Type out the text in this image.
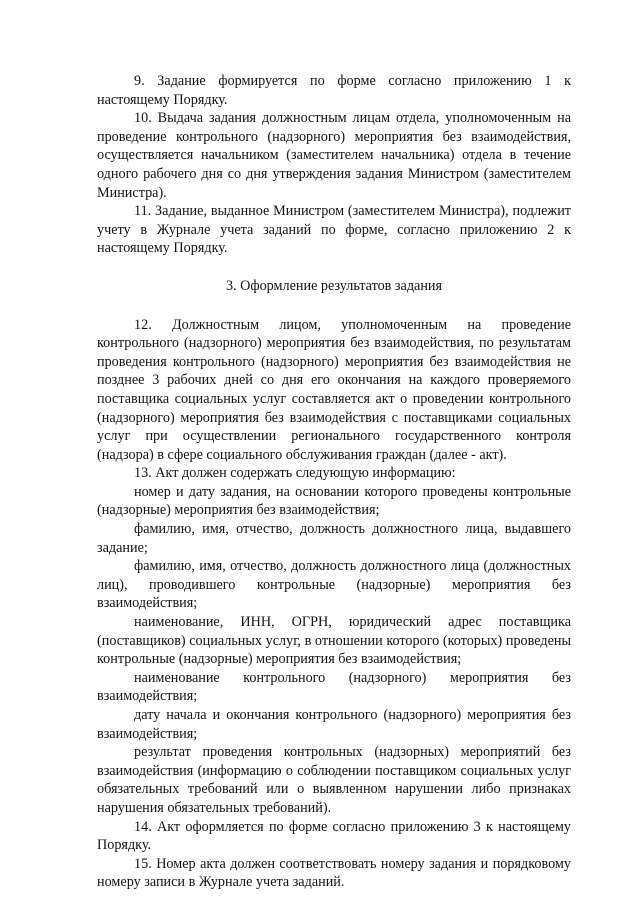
9. Задание формируется по форме согласно приложению 1 к настоящему Порядку.

10. Выдача задания должностным лицам отдела, уполномоченным на проведение контрольного (надзорного) мероприятия без взаимодействия, осуществляется начальником (заместителем начальника) отдела в течение одного рабочего дня со дня утверждения задания Министром (заместителем Министра).

11. Задание, выданное Министром (заместителем Министра), подлежит учету в Журнале учета заданий по форме, согласно приложению 2 к настоящему Порядку.

3. Оформление результатов задания

12. Должностным лицом, уполномоченным на проведение контрольного (надзорного) мероприятия без взаимодействия, по результатам проведения контрольного (надзорного) мероприятия без взаимодействия не позднее 3 рабочих дней со дня его окончания на каждого проверяемого поставщика социальных услуг составляется акт о проведении контрольного (надзорного) мероприятия без взаимодействия с поставщиками социальных услуг при осуществлении регионального государственного контроля (надзора) в сфере социального обслуживания граждан (далее - акт).

13. Акт должен содержать следующую информацию:

номер и дату задания, на основании которого проведены контрольные (надзорные) мероприятия без взаимодействия;

фамилию, имя, отчество, должность должностного лица, выдавшего задание;

фамилию, имя, отчество, должность должностного лица (должностных лиц), проводившего контрольные (надзорные) мероприятия без взаимодействия;

наименование, ИНН, ОГРН, юридический адрес поставщика (поставщиков) социальных услуг, в отношении которого (которых) проведены контрольные (надзорные) мероприятия без взаимодействия;

наименование контрольного (надзорного) мероприятия без взаимодействия;

дату начала и окончания контрольного (надзорного) мероприятия без взаимодействия;

результат проведения контрольных (надзорных) мероприятий без взаимодействия (информацию о соблюдении поставщиком социальных услуг обязательных требований или о выявленном нарушении либо признаках нарушения обязательных требований).

14. Акт оформляется по форме согласно приложению 3 к настоящему Порядку.

15. Номер акта должен соответствовать номеру задания и порядковому номеру записи в Журнале учета заданий.
